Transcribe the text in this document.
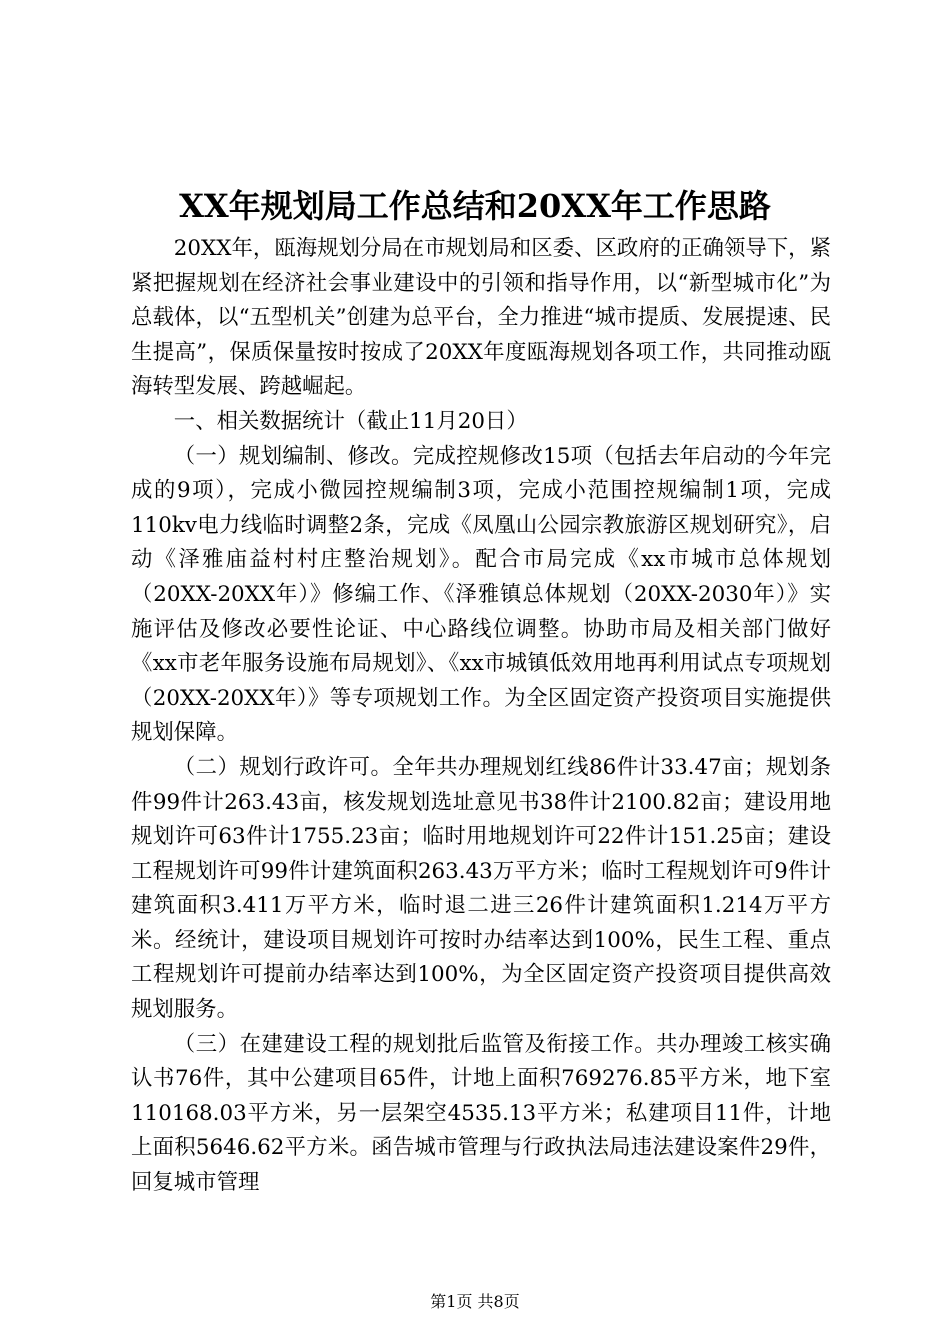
XX年规划局工作总结和20XX年工作思路

20XX年，瓯海规划分局在市规划局和区委、区政府的正确领导下，紧紧把握规划在经济社会事业建设中的引领和指导作用，以“新型城市化”为总载体，以“五型机关”创建为总平台，全力推进“城市提质、发展提速、民生提高”，保质保量按时按成了20XX年度瓯海规划各项工作，共同推动瓯海转型发展、跨越崛起。

一、相关数据统计（截止11月20日）

（一）规划编制、修改。完成控规修改15项（包括去年启动的今年完成的9项），完成小微园控规编制3项，完成小范围控规编制1项，完成110kv电力线临时调整2条，完成《凤凰山公园宗教旅游区规划研究》，启动《泽雅庙益村村庄整治规划》。配合市局完成《xx市城市总体规划（20XX-20XX年）》修编工作、《泽雅镇总体规划（20XX-2030年）》实施评估及修改必要性论证、中心路线位调整。协助市局及相关部门做好《xx市老年服务设施布局规划》、《xx市城镇低效用地再利用试点专项规划（20XX-20XX年）》等专项规划工作。为全区固定资产投资项目实施提供规划保障。

（二）规划行政许可。全年共办理规划红线86件计33.47亩；规划条件99件计263.43亩，核发规划选址意见书38件计2100.82亩；建设用地规划许可63件计1755.23亩；临时用地规划许可22件计151.25亩；建设工程规划许可99件计建筑面积263.43万平方米；临时工程规划许可9件计建筑面积3.411万平方米，临时退二进三26件计建筑面积1.214万平方米。经统计，建设项目规划许可按时办结率达到100%，民生工程、重点工程规划许可提前办结率达到100%，为全区固定资产投资项目提供高效规划服务。

（三）在建建设工程的规划批后监管及衔接工作。共办理竣工核实确认书76件，其中公建项目65件，计地上面积769276.85平方米，地下室110168.03平方米，另一层架空4535.13平方米；私建项目11件，计地上面积5646.62平方米。函告城市管理与行政执法局违法建设案件29件，回复城市管理

第1页 共8页
